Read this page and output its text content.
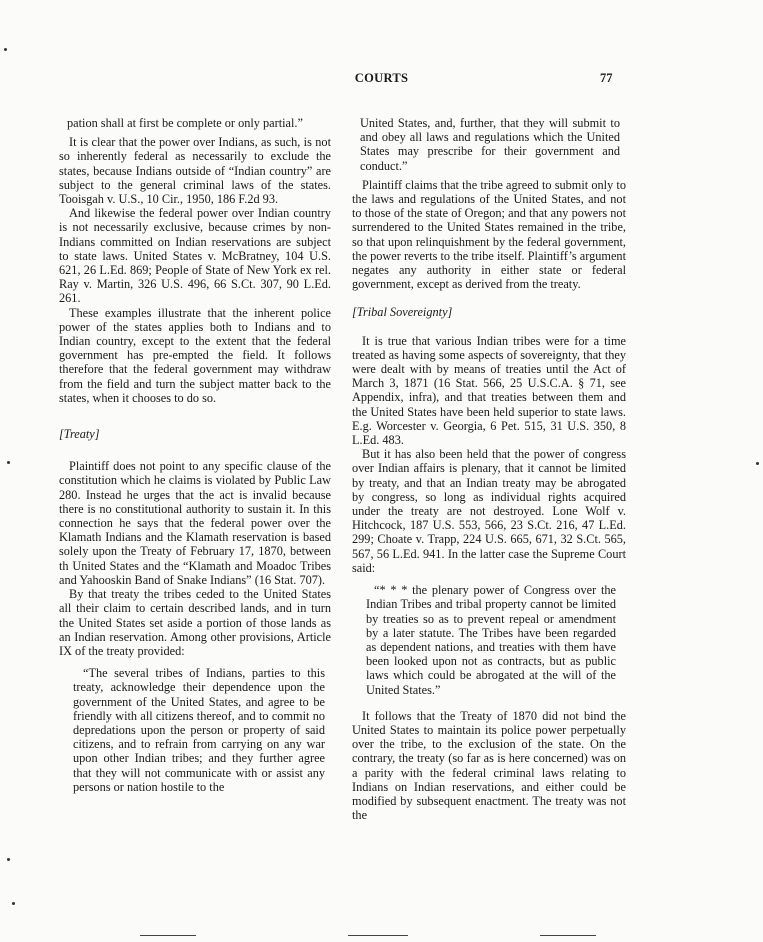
COURTS	77

pation shall at first be complete or only partial.”

It is clear that the power over Indians, as such, is not so inherently federal as necessarily to exclude the states, because Indians outside of “Indian country” are subject to the general criminal laws of the states. Tooisgah v. U.S., 10 Cir., 1950, 186 F.2d 93.

And likewise the federal power over Indian country is not necessarily exclusive, because crimes by non-Indians committed on Indian reservations are subject to state laws. United States v. McBratney, 104 U.S. 621, 26 L.Ed. 869; People of State of New York ex rel. Ray v. Martin, 326 U.S. 496, 66 S.Ct. 307, 90 L.Ed. 261.

These examples illustrate that the inherent police power of the states applies both to Indians and to Indian country, except to the extent that the federal government has pre-empted the field. It follows therefore that the federal government may withdraw from the field and turn the subject matter back to the states, when it chooses to do so.

[Treaty]

Plaintiff does not point to any specific clause of the constitution which he claims is violated by Public Law 280. Instead he urges that the act is invalid because there is no constitutional authority to sustain it. In this connection he says that the federal power over the Klamath Indians and the Klamath reservation is based solely upon the Treaty of February 17, 1870, between th United States and the “Klamath and Moadoc Tribes and Yahooskin Band of Snake Indians” (16 Stat. 707).

By that treaty the tribes ceded to the United States all their claim to certain described lands, and in turn the United States set aside a portion of those lands as an Indian reservation. Among other provisions, Article IX of the treaty provided:

“The several tribes of Indians, parties to this treaty, acknowledge their dependence upon the government of the United States, and agree to be friendly with all citizens thereof, and to commit no depredations upon the person or property of said citizens, and to refrain from carrying on any war upon other Indian tribes; and they further agree that they will not communicate with or assist any persons or nation hostile to the

United States, and, further, that they will submit to and obey all laws and regulations which the United States may prescribe for their government and conduct.”

Plaintiff claims that the tribe agreed to submit only to the laws and regulations of the United States, and not to those of the state of Oregon; and that any powers not surrendered to the United States remained in the tribe, so that upon relinquishment by the federal government, the power reverts to the tribe itself. Plaintiff’s argument negates any authority in either state or federal government, except as derived from the treaty.

[Tribal Sovereignty]

It is true that various Indian tribes were for a time treated as having some aspects of sovereignty, that they were dealt with by means of treaties until the Act of March 3, 1871 (16 Stat. 566, 25 U.S.C.A. § 71, see Appendix, infra), and that treaties between them and the United States have been held superior to state laws. E.g. Worcester v. Georgia, 6 Pet. 515, 31 U.S. 350, 8 L.Ed. 483.

But it has also been held that the power of congress over Indian affairs is plenary, that it cannot be limited by treaty, and that an Indian treaty may be abrogated by congress, so long as individual rights acquired under the treaty are not destroyed. Lone Wolf v. Hitchcock, 187 U.S. 553, 566, 23 S.Ct. 216, 47 L.Ed. 299; Choate v. Trapp, 224 U.S. 665, 671, 32 S.Ct. 565, 567, 56 L.Ed. 941. In the latter case the Supreme Court said:

“* * * the plenary power of Congress over the Indian Tribes and tribal property cannot be limited by treaties so as to prevent repeal or amendment by a later statute. The Tribes have been regarded as dependent nations, and treaties with them have been looked upon not as contracts, but as public laws which could be abrogated at the will of the United States.”

It follows that the Treaty of 1870 did not bind the United States to maintain its police power perpetually over the tribe, to the exclusion of the state. On the contrary, the treaty (so far as is here concerned) was on a parity with the federal criminal laws relating to Indians on Indian reservations, and either could be modified by subsequent enactment. The treaty was not the
